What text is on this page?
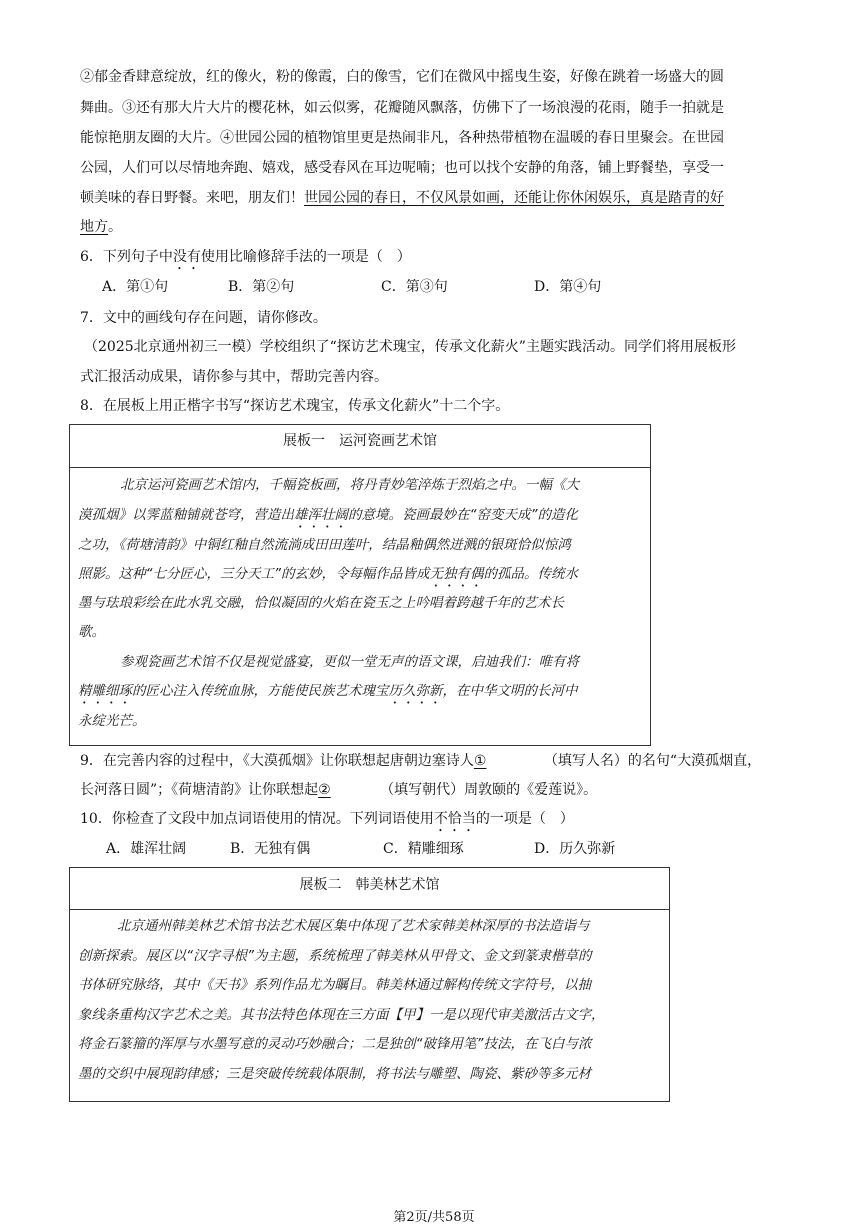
②郁金香肆意绽放，红的像火，粉的像霞，白的像雪，它们在微风中摇曳生姿，好像在跳着一场盛大的圆
舞曲。③还有那大片大片的樱花林，如云似雾，花瓣随风飘落，仿佛下了一场浪漫的花雨，随手一拍就是
能惊艳朋友圈的大片。④世园公园的植物馆里更是热闹非凡，各种热带植物在温暖的春日里聚会。在世园
公园，人们可以尽情地奔跑、嬉戏，感受春风在耳边呢喃；也可以找个安静的角落，铺上野餐垫，享受一
顿美味的春日野餐。来吧，朋友们！世园公园的春日，不仅风景如画，还能让你休闲娱乐，真是踏青的好
地方。
6．下列句子中没有使用比喻修辞手法的一项是（　）
A．第①句	B．第②句	C．第③句	D．第④句
7．文中的画线句存在问题，请你修改。
（2025北京通州初三一模）学校组织了“探访艺术瑰宝，传承文化薪火”主题实践活动。同学们将用展板形
式汇报活动成果，请你参与其中，帮助完善内容。
8．在展板上用正楷字书写“探访艺术瑰宝，传承文化薪火”十二个字。
展板一　运河瓷画艺术馆
北京运河瓷画艺术馆内，千幅瓷板画，将丹青妙笔淬炼于烈焰之中。一幅《大
漠孤烟》以霁蓝釉铺就苍穹，营造出雄浑壮阔的意境。瓷画最妙在“窑变天成”的造化
之功，《荷塘清韵》中铜红釉自然流淌成田田莲叶，结晶釉偶然迸溅的银斑恰似惊鸿
照影。这种“七分匠心，三分天工”的玄妙，令每幅作品皆成无独有偶的孤品。传统水
墨与珐琅彩绘在此水乳交融，恰似凝固的火焰在瓷玉之上吟唱着跨越千年的艺术长
歌。
参观瓷画艺术馆不仅是视觉盛宴，更似一堂无声的语文课，启迪我们：唯有将
精雕细琢的匠心注入传统血脉，方能使民族艺术瑰宝历久弥新，在中华文明的长河中
永绽光芒。
9．在完善内容的过程中，《大漠孤烟》让你联想起唐朝边塞诗人①	（填写人名）的名句“大漠孤烟直，
长河落日圆”；《荷塘清韵》让你联想起②	（填写朝代）周敦颐的《爱莲说》。
10．你检查了文段中加点词语使用的情况。下列词语使用不恰当的一项是（　）
A．雄浑壮阔	B．无独有偶	C．精雕细琢	D．历久弥新
展板二　韩美林艺术馆
北京通州韩美林艺术馆书法艺术展区集中体现了艺术家韩美林深厚的书法造诣与
创新探索。展区以“汉字寻根”为主题，系统梳理了韩美林从甲骨文、金文到篆隶楷草的
书体研究脉络，其中《天书》系列作品尤为瞩目。韩美林通过解构传统文字符号，以抽
象线条重构汉字艺术之美。其书法特色体现在三方面【甲】一是以现代审美激活古文字，
将金石篆籀的浑厚与水墨写意的灵动巧妙融合；二是独创“破锋用笔”技法，在飞白与浓
墨的交织中展现韵律感；三是突破传统载体限制，将书法与雕塑、陶瓷、紫砂等多元材
第2页/共58页
